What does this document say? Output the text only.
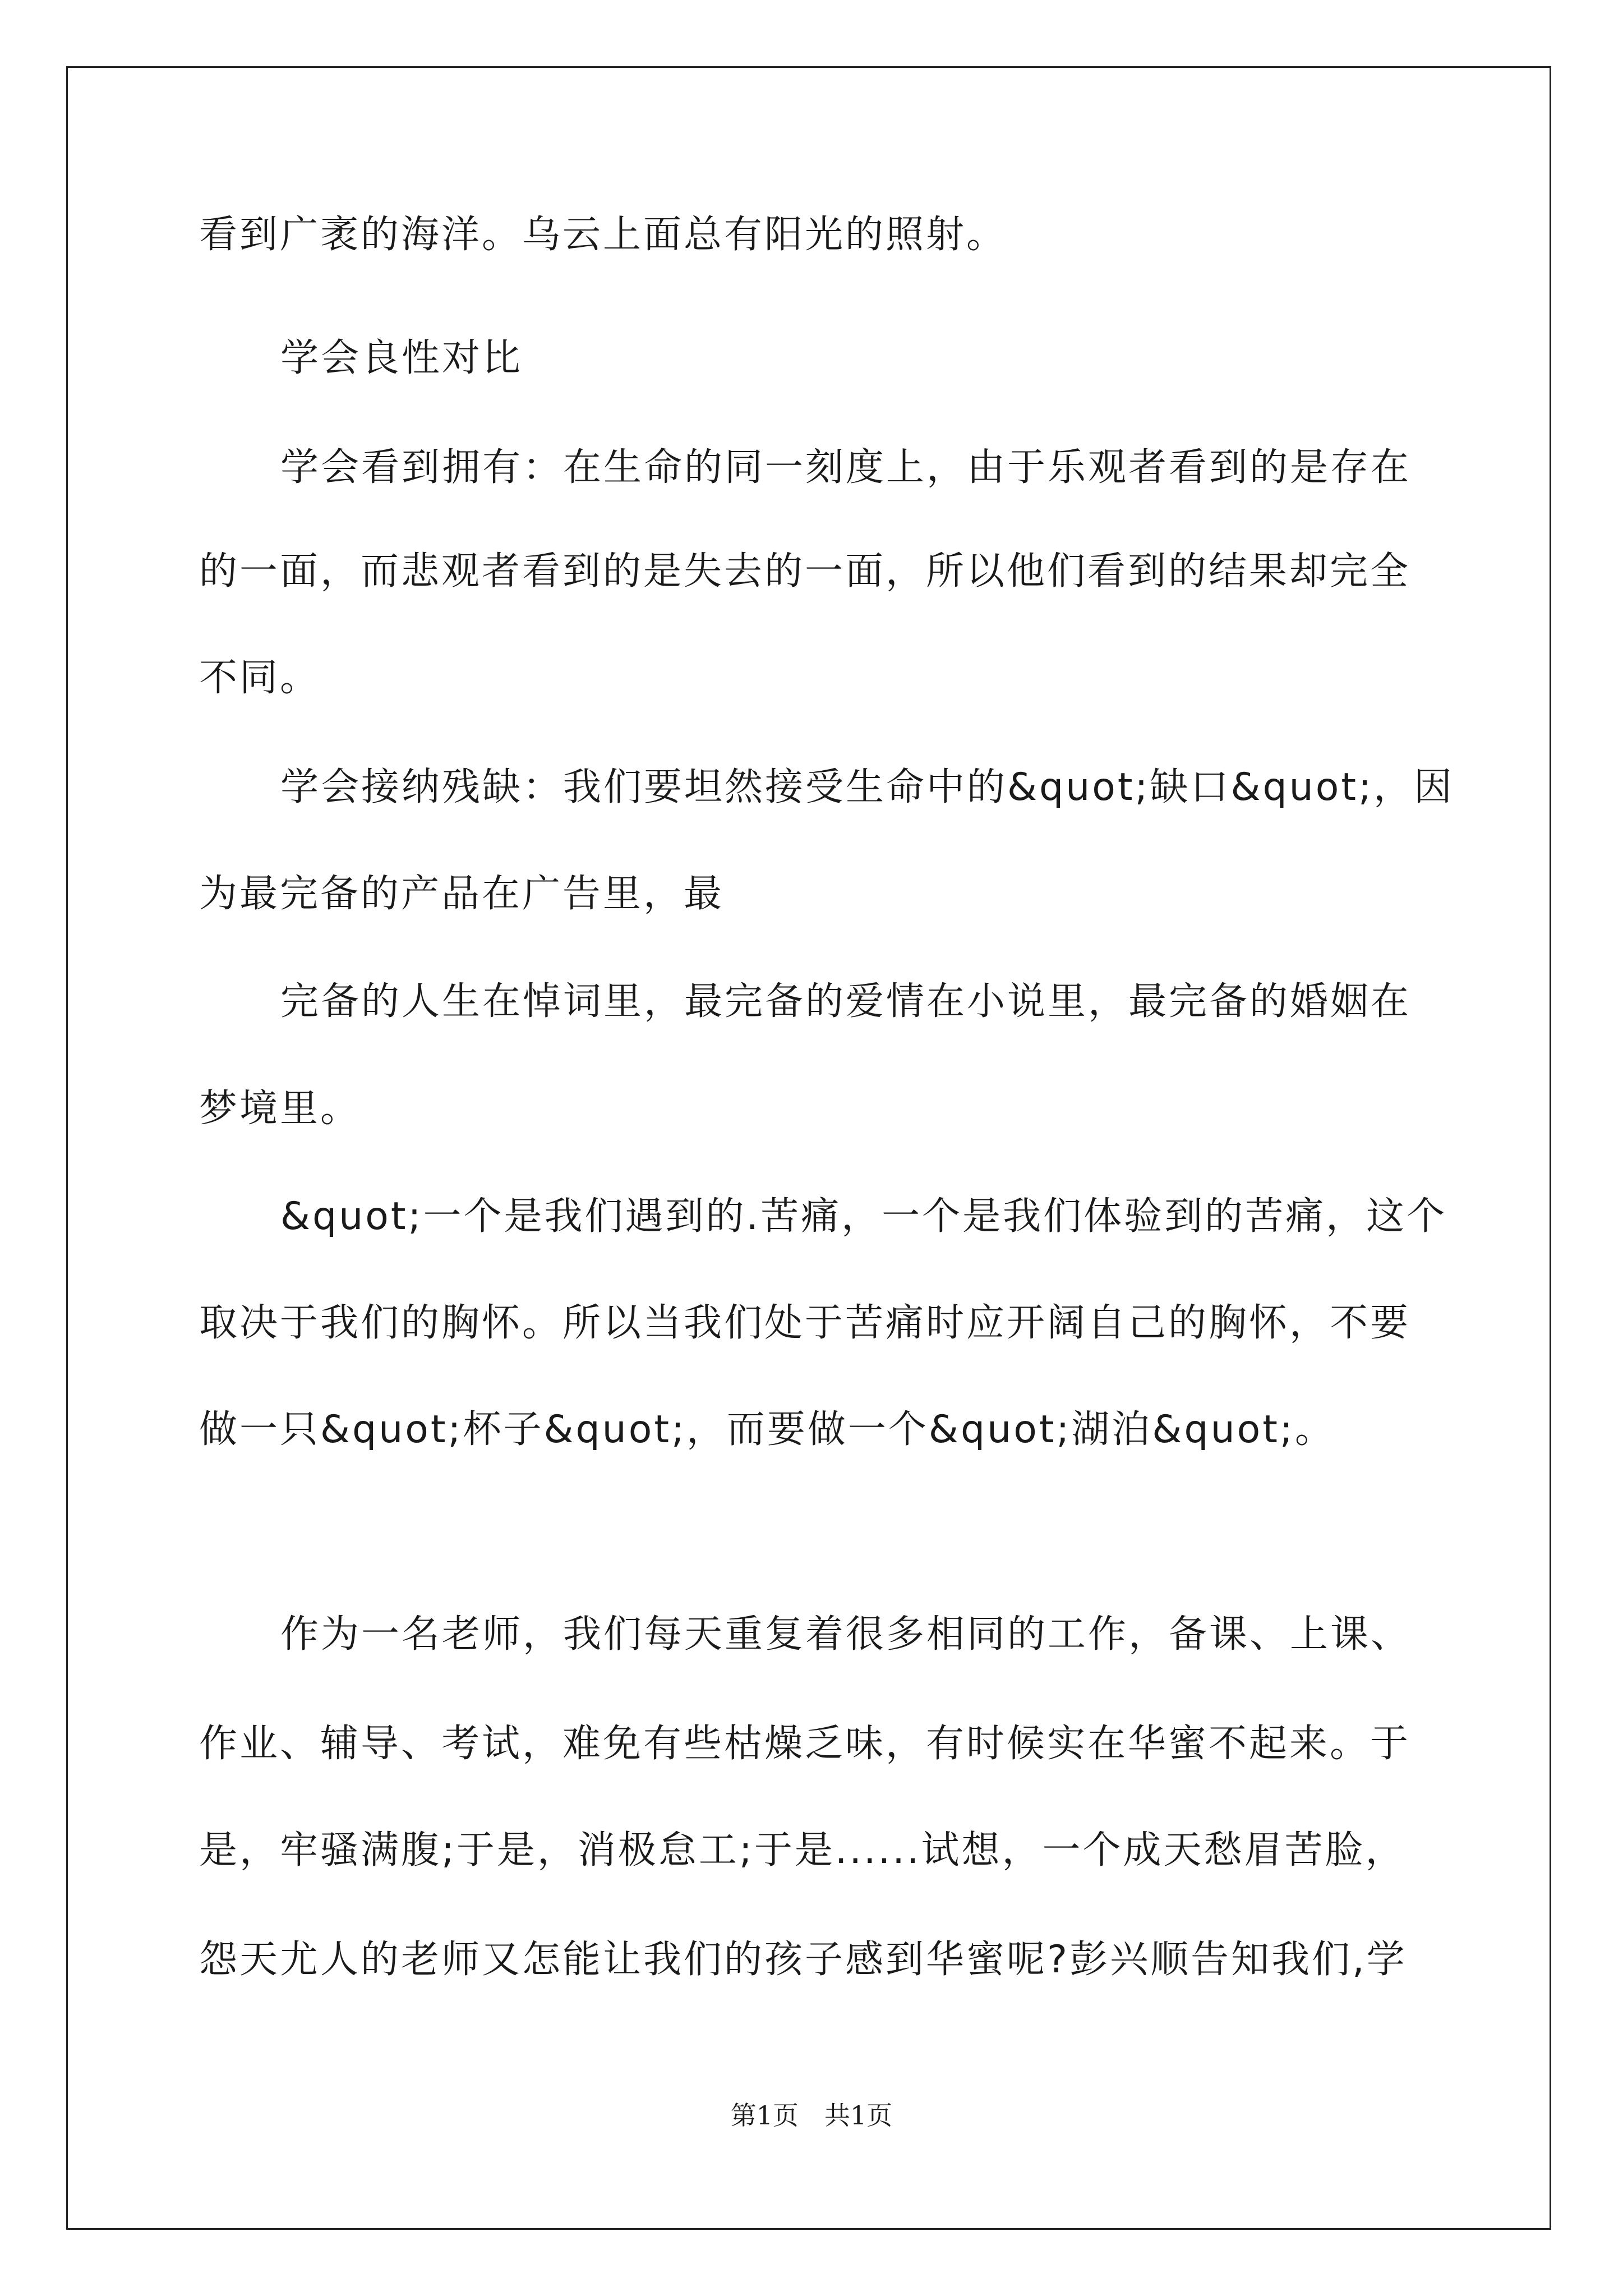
看到广袤的海洋。乌云上面总有阳光的照射。
学会良性对比
学会看到拥有：在生命的同一刻度上，由于乐观者看到的是存在
的一面，而悲观者看到的是失去的一面，所以他们看到的结果却完全
不同。
学会接纳残缺：我们要坦然接受生命中的&quot;缺口&quot;，因
为最完备的产品在广告里，最
完备的人生在悼词里，最完备的爱情在小说里，最完备的婚姻在
梦境里。
&quot;一个是我们遇到的.苦痛，一个是我们体验到的苦痛，这个
取决于我们的胸怀。所以当我们处于苦痛时应开阔自己的胸怀，不要
做一只&quot;杯子&quot;，而要做一个&quot;湖泊&quot;。
作为一名老师，我们每天重复着很多相同的工作，备课、上课、
作业、辅导、考试，难免有些枯燥乏味，有时候实在华蜜不起来。于
是，牢骚满腹;于是，消极怠工;于是......试想，一个成天愁眉苦脸，
怨天尤人的老师又怎能让我们的孩子感到华蜜呢?彭兴顺告知我们,学
第1页　共1页
